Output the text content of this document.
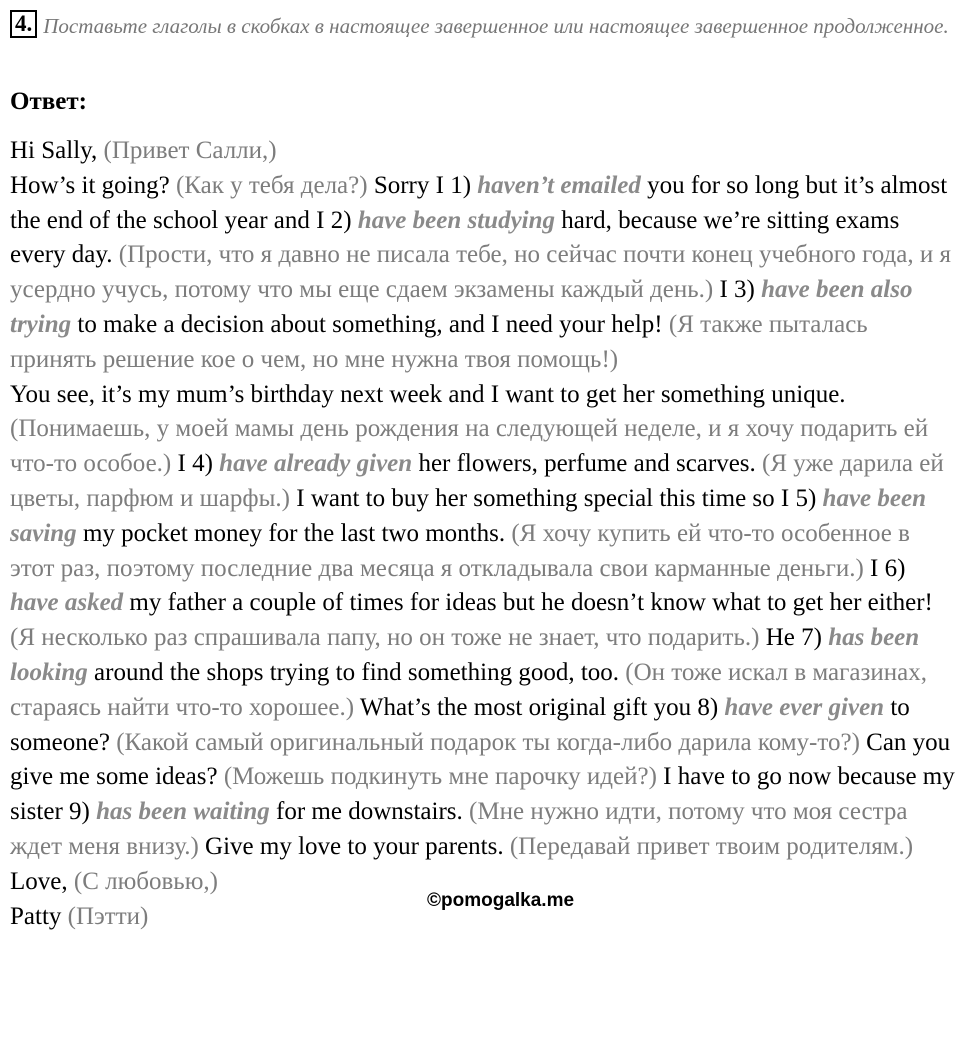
4. Поставьте глаголы в скобках в настоящее завершенное или настоящее завершенное продолженное.
Ответ:

Hi Sally, (Привет Салли,)

How’s it going? (Как у тебя дела?) Sorry I 1) haven’t emailed you for so long but it’s almost the end of the school year and I 2) have been studying hard, because we’re sitting exams every day. (Прости, что я давно не писала тебе, но сейчас почти конец учебного года, и я усердно учусь, потому что мы еще сдаем экзамены каждый день.) I 3) have been also trying to make a decision about something, and I need your help! (Я также пыталась принять решение кое о чем, но мне нужна твоя помощь!)

You see, it’s my mum’s birthday next week and I want to get her something unique. (Понимаешь, у моей мамы день рождения на следующей неделе, и я хочу подарить ей что-то особое.) I 4) have already given her flowers, perfume and scarves. (Я уже дарила ей цветы, парфюм и шарфы.) I want to buy her something special this time so I 5) have been saving my pocket money for the last two months. (Я хочу купить ей что-то особенное в этот раз, поэтому последние два месяца я откладывала свои карманные деньги.) I 6) have asked my father a couple of times for ideas but he doesn’t know what to get her either! (Я несколько раз спрашивала папу, но он тоже не знает, что подарить.) He 7) has been looking around the shops trying to find something good, too. (Он тоже искал в магазинах, стараясь найти что-то хорошее.) What’s the most original gift you 8) have ever given to someone? (Какой самый оригинальный подарок ты когда-либо дарила кому-то?) Can you give me some ideas? (Можешь подкинуть мне парочку идей?) I have to go now because my sister 9) has been waiting for me downstairs. (Мне нужно идти, потому что моя сестра ждет меня внизу.) Give my love to your parents. (Передавай привет твоим родителям.)

Love, (С любовью,)

Patty (Пэтти)

©pomogalka.me
